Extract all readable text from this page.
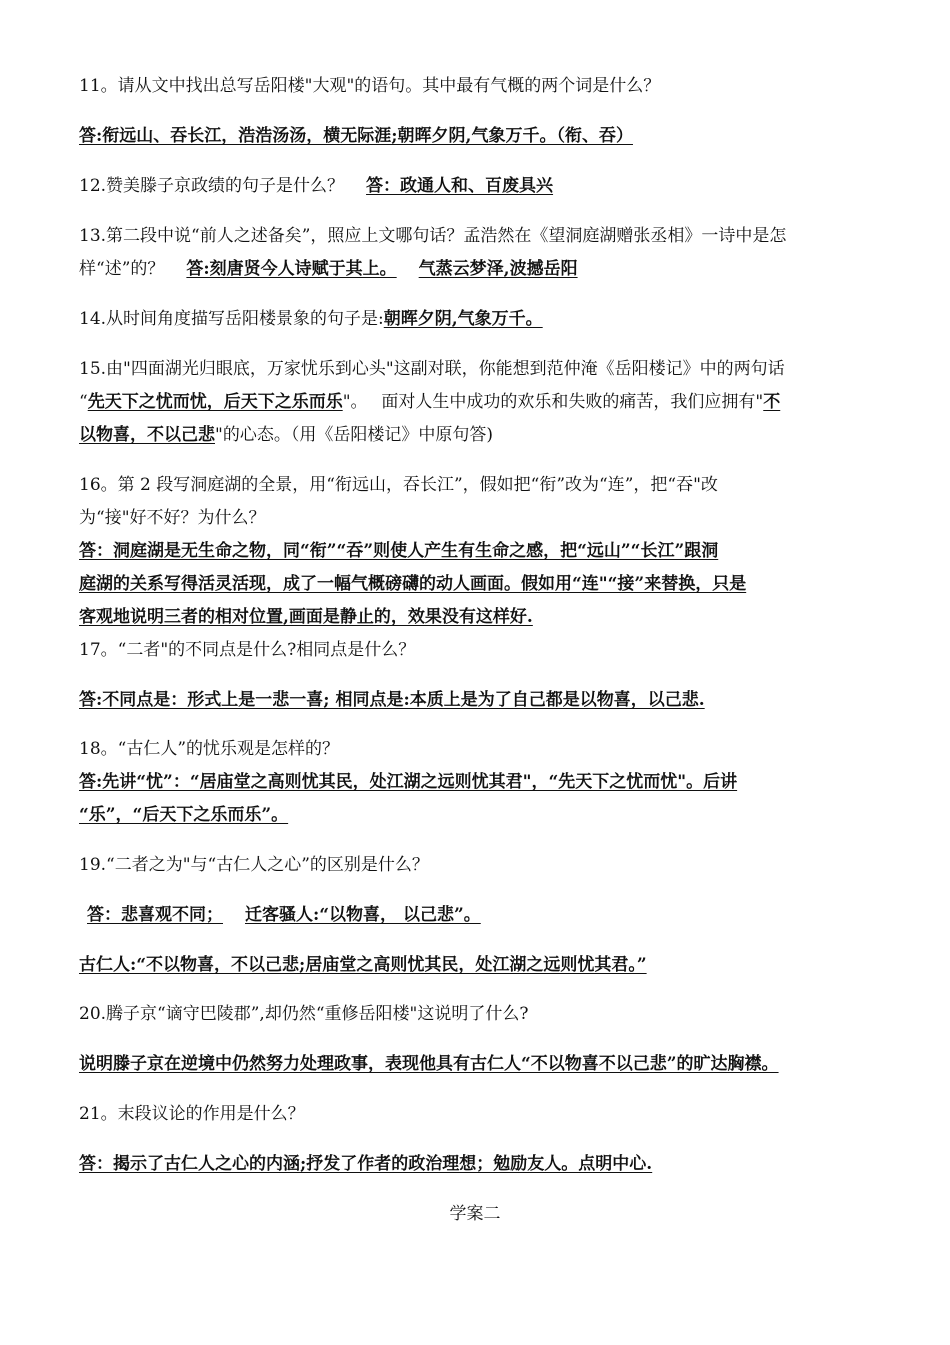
11。请从文中找出总写岳阳楼"大观"的语句。其中最有气概的两个词是什么？
答:衔远山、吞长江，浩浩汤汤，横无际涯;朝晖夕阴,气象万千。（衔、吞）
12.赞美滕子京政绩的句子是什么？ 答：政通人和、百废具兴
13.第二段中说“前人之述备矣”，照应上文哪句话？孟浩然在《望洞庭湖赠张丞相》一诗中是怎
样“述”的？ 答:刻唐贤今人诗赋于其上。 气蒸云梦泽,波撼岳阳
14.从时间角度描写岳阳楼景象的句子是:朝晖夕阴,气象万千。
15.由"四面湖光归眼底，万家忧乐到心头"这副对联，你能想到范仲淹《岳阳楼记》中的两句话
“先天下之忧而忧，后天下之乐而乐"。　 面对人生中成功的欢乐和失败的痛苦，我们应拥有"不
以物喜，不以己悲"的心态。（用《岳阳楼记》中原句答)
16。第 2 段写洞庭湖的全景，用“衔远山，吞长江”，假如把“衔”改为“连”，把“吞"改
为“接"好不好？为什么？
答：洞庭湖是无生命之物，同“衔”“吞”则使人产生有生命之感，把“远山”“长江”跟洞
庭湖的关系写得活灵活现，成了一幅气概磅礴的动人画面。假如用“连"“接”来替换，只是
客观地说明三者的相对位置,画面是静止的，效果没有这样好.
17。“二者"的不同点是什么?相同点是什么？
答:不同点是：形式上是一悲一喜; 相同点是:本质上是为了自己都是以物喜，以己悲.
18。“古仁人”的忧乐观是怎样的？
答:先讲“忧”：“居庙堂之高则忧其民，处江湖之远则忧其君"，“先天下之忧而忧"。后讲
“乐”，“后天下之乐而乐”。
19.“二者之为"与“古仁人之心”的区别是什么？
答：悲喜观不同； 迁客骚人:“以物喜， 以己悲”。
古仁人:“不以物喜，不以己悲;居庙堂之高则忧其民，处江湖之远则忧其君。”
20.腾子京“谪守巴陵郡”,却仍然“重修岳阳楼"这说明了什么?
说明滕子京在逆境中仍然努力处理政事，表现他具有古仁人“不以物喜不以己悲”的旷达胸襟。
21。末段议论的作用是什么？
答：揭示了古仁人之心的内涵;抒发了作者的政治理想；勉励友人。点明中心.
学案二
